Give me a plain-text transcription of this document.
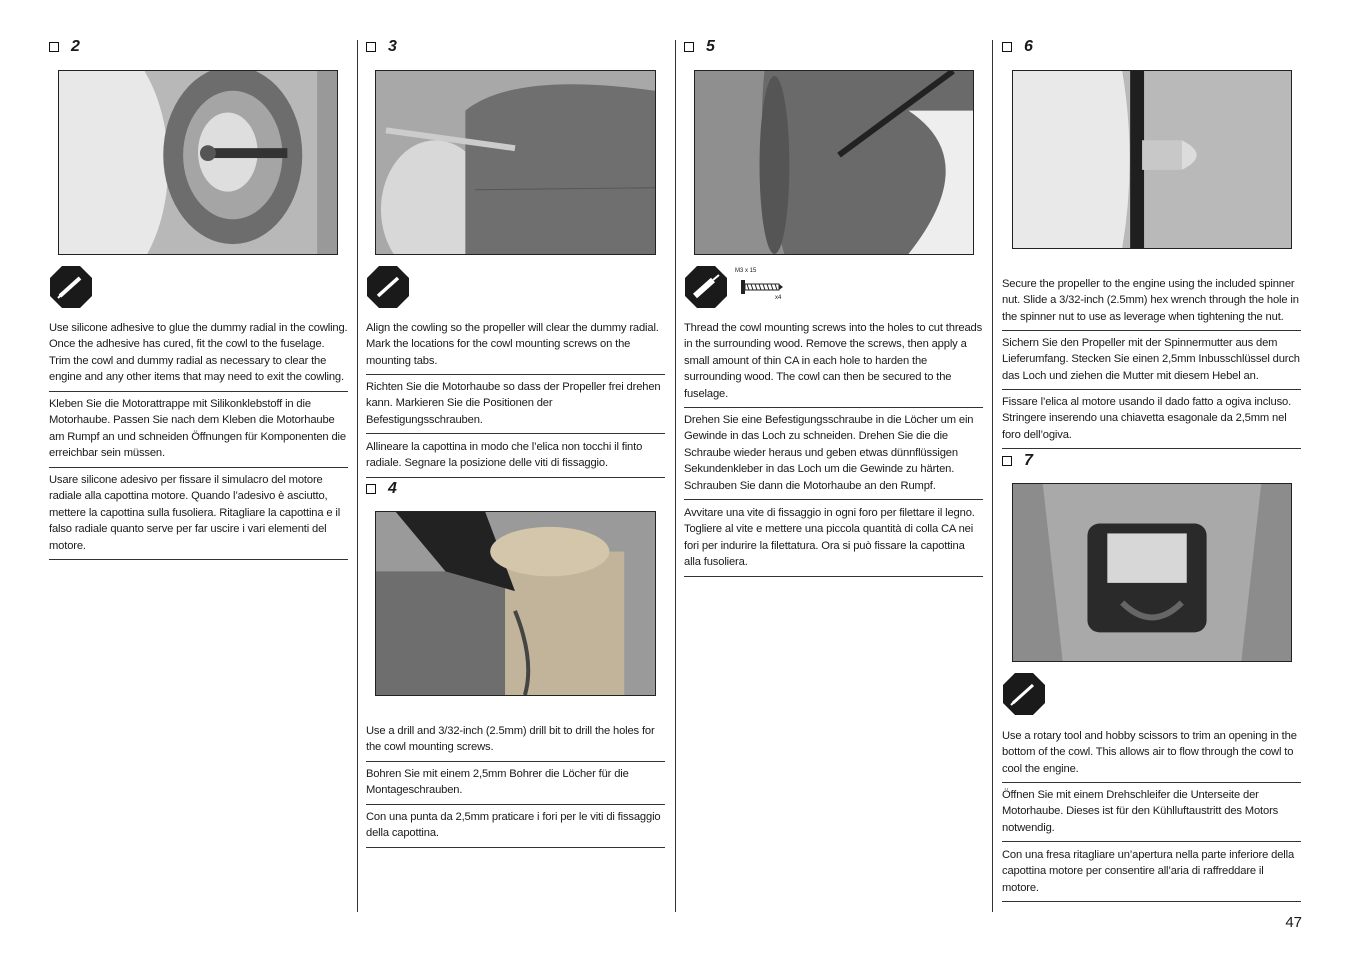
2
Use silicone adhesive to glue the dummy radial in the cowling. Once the adhesive has cured, fit the cowl to the fuselage. Trim the cowl and dummy radial as necessary to clear the engine and any other items that may need to exit the cowling.
Kleben Sie die Motorattrappe mit Silikonklebstoff in die Motorhaube. Passen Sie nach dem Kleben die Motorhaube am Rumpf an und schneiden Öffnungen für Komponenten die erreichbar sein müssen.
Usare silicone adesivo per fissare il simulacro del motore radiale alla capottina motore. Quando l’adesivo è asciutto, mettere la capottina sulla fusoliera. Ritagliare la capottina e il falso radiale quanto serve per far uscire i vari elementi del motore.
3
Align the cowling so the propeller will clear the dummy radial. Mark the locations for the cowl mounting screws on the mounting tabs.
Richten Sie die Motorhaube so dass der Propeller frei drehen kann. Markieren Sie die Positionen der Befestigungsschrauben.
Allineare la capottina in modo che l’elica non tocchi il finto radiale. Segnare la posizione delle viti di fissaggio.
4
Use a drill and 3/32-inch (2.5mm) drill bit to drill the holes for the cowl mounting screws.
Bohren Sie mit einem 2,5mm Bohrer die Löcher für die Montageschrauben.
Con una punta da 2,5mm praticare i fori per le viti di fissaggio della capottina.
5
M3 x 15
x4
Thread the cowl mounting screws into the holes to cut threads in the surrounding wood. Remove the screws, then apply a small amount of thin CA in each hole to harden the surrounding wood. The cowl can then be secured to the fuselage.
Drehen Sie eine Befestigungsschraube in die Löcher um ein Gewinde in das Loch zu schneiden. Drehen Sie die die Schraube wieder heraus und geben etwas dünnflüssigen Sekundenkleber in das Loch um die Gewinde zu härten. Schrauben Sie dann die Motorhaube an den Rumpf.
Avvitare una vite di fissaggio in ogni foro per filettare il legno. Togliere al vite e mettere una piccola quantità di colla CA nei fori per indurire la filettatura. Ora si può fissare la capottina alla fusoliera.
6
Secure the propeller to the engine using the included spinner nut. Slide a 3/32-inch (2.5mm) hex wrench through the hole in the spinner nut to use as leverage when tightening the nut.
Sichern Sie den Propeller mit der Spinnermutter aus dem Lieferumfang. Stecken Sie einen 2,5mm Inbusschlüssel durch das Loch und ziehen die Mutter mit diesem Hebel an.
Fissare l’elica al motore usando il dado fatto a ogiva incluso. Stringere inserendo una chiavetta esagonale da 2,5mm nel foro dell’ogiva.
7
Use a rotary tool and hobby scissors to trim an opening in the bottom of the cowl. This allows air to flow through the cowl to cool the engine.
Öffnen Sie mit einem Drehschleifer die Unterseite der Motorhaube. Dieses ist für den Kühlluftaustritt des Motors notwendig.
Con una fresa ritagliare un’apertura nella parte inferiore della capottina motore per consentire all’aria di raffreddare il motore.
47
